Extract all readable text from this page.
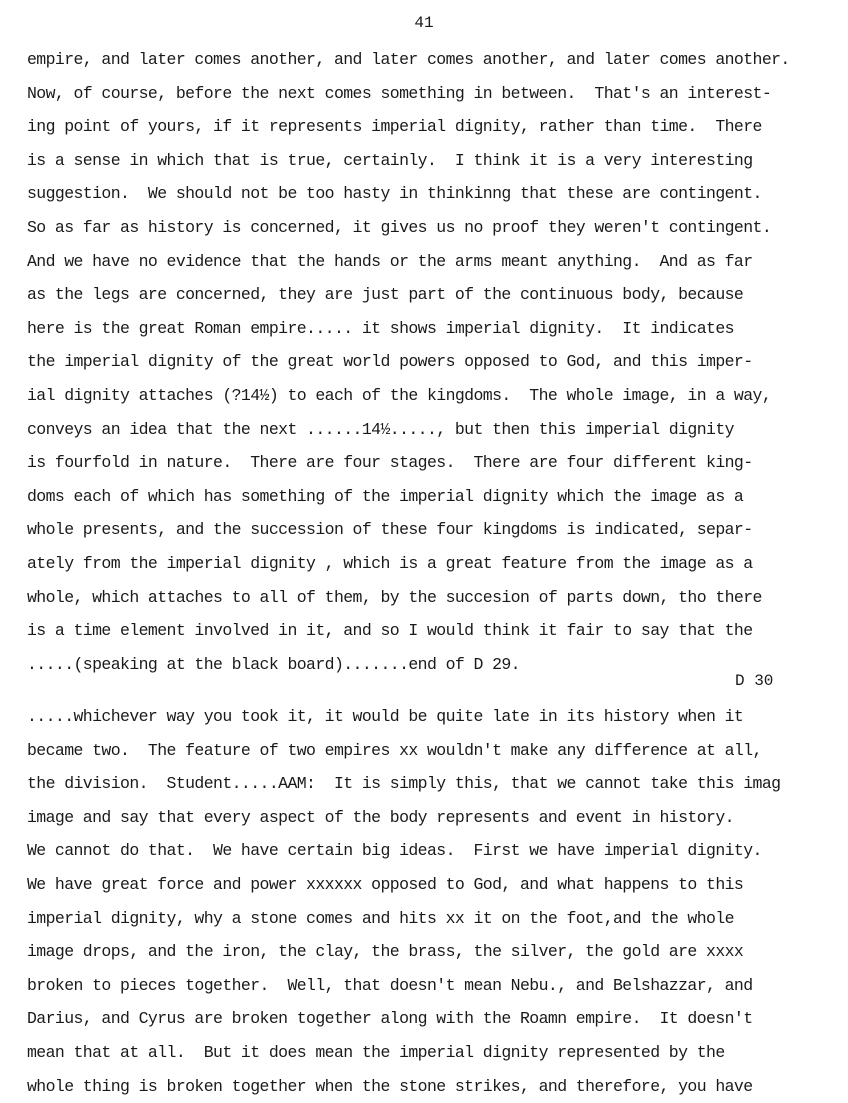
41
empire, and later comes another, and later comes another, and later comes another.
Now, of course, before the next comes something in between.  That's an interest-
ing point of yours, if it represents imperial dignity, rather than time.  There
is a sense in which that is true, certainly.  I think it is a very interesting
suggestion.  We should not be too hasty in thinkinng that these are contingent.
So as far as history is concerned, it gives us no proof they weren't contingent.
And we have no evidence that the hands or the arms meant anything.  And as far
as the legs are concerned, they are just part of the continuous body, because
here is the great Roman empire..... it shows imperial dignity.  It indicates
the imperial dignity of the great world powers opposed to God, and this imper-
ial dignity attaches (?14½) to each of the kingdoms.  The whole image, in a way,
conveys an idea that the next ......14½....., but then this imperial dignity
is fourfold in nature.  There are four stages.  There are four different king-
doms each of which has something of the imperial dignity which the image as a
whole presents, and the succession of these four kingdoms is indicated, separ-
ately from the imperial dignity , which is a great feature from the image as a
whole, which attaches to all of them, by the succesion of parts down, tho there
is a time element involved in it, and so I would think it fair to say that the
.....(speaking at the black board).......end of D 29.
D 30
.....whichever way you took it, it would be quite late in its history when it
became two.  The feature of two empires xx wouldn't make any difference at all,
the division.  Student.....AAM:  It is simply this, that we cannot take this imag
image and say that every aspect of the body represents and event in history.
We cannot do that.  We have certain big ideas.  First we have imperial dignity.
We have great force and power xxxxxx opposed to God, and what happens to this
imperial dignity, why a stone comes and hits xx it on the foot,and the whole
image drops, and the iron, the clay, the brass, the silver, the gold are xxxx
broken to pieces together.  Well, that doesn't mean Nebu., and Belshazzar, and
Darius, and Cyrus are broken together along with the Roamn empire.  It doesn't
mean that at all.  But it does mean the imperial dignity represented by the
whole thing is broken together when the stone strikes, and therefore, you have
